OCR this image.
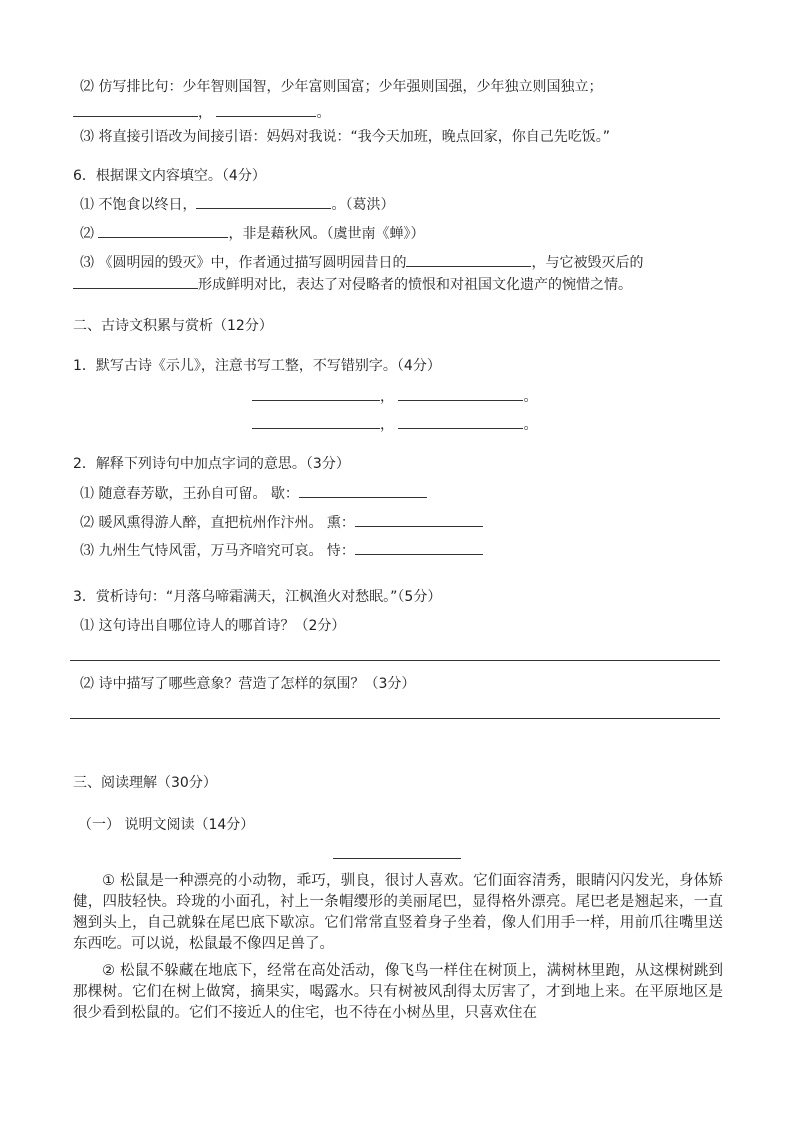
⑵ 仿写排比句：少年智则国智，少年富则国富；少年强则国强，少年独立则国独立；
，	。
⑶ 将直接引语改为间接引语：妈妈对我说：“我今天加班，晚点回家，你自己先吃饭。”
6．根据课文内容填空。（4分）
⑴ 不饱食以终日，	。（葛洪）
⑵	，非是藉秋风。（虞世南《蝉》）
⑶ 《圆明园的毁灭》中，作者通过描写圆明园昔日的	，与它被毁灭后的
形成鲜明对比，表达了对侵略者的愤恨和对祖国文化遗产的惋惜之情。
二、古诗文积累与赏析（12分）
1．默写古诗《示儿》，注意书写工整，不写错别字。（4分）
，	。
，	。
2．解释下列诗句中加点字词的意思。（3分）
⑴ 随意春芳歇，王孙自可留。 歇：
⑵ 暖风熏得游人醉，直把杭州作汴州。 熏：
⑶ 九州生气恃风雷，万马齐喑究可哀。 恃：
3．赏析诗句：“月落乌啼霜满天，江枫渔火对愁眠。”（5分）
⑴ 这句诗出自哪位诗人的哪首诗？（2分）
⑵ 诗中描写了哪些意象？营造了怎样的氛围？（3分）
三、阅读理解（30分）
（一） 说明文阅读（14分）

① 松鼠是一种漂亮的小动物，乖巧，驯良，很讨人喜欢。它们面容清秀，眼睛闪闪发光，身体矫健，四肢轻快。玲珑的小面孔，衬上一条帽缨形的美丽尾巴，显得格外漂亮。尾巴老是翘起来，一直翘到头上，自己就躲在尾巴底下歇凉。它们常常直竖着身子坐着，像人们用手一样，用前爪往嘴里送东西吃。可以说，松鼠最不像四足兽了。

② 松鼠不躲藏在地底下，经常在高处活动，像飞鸟一样住在树顶上，满树林里跑，从这棵树跳到那棵树。它们在树上做窝，摘果实，喝露水。只有树被风刮得太厉害了，才到地上来。在平原地区是很少看到松鼠的。它们不接近人的住宅，也不待在小树丛里，只喜欢住在
